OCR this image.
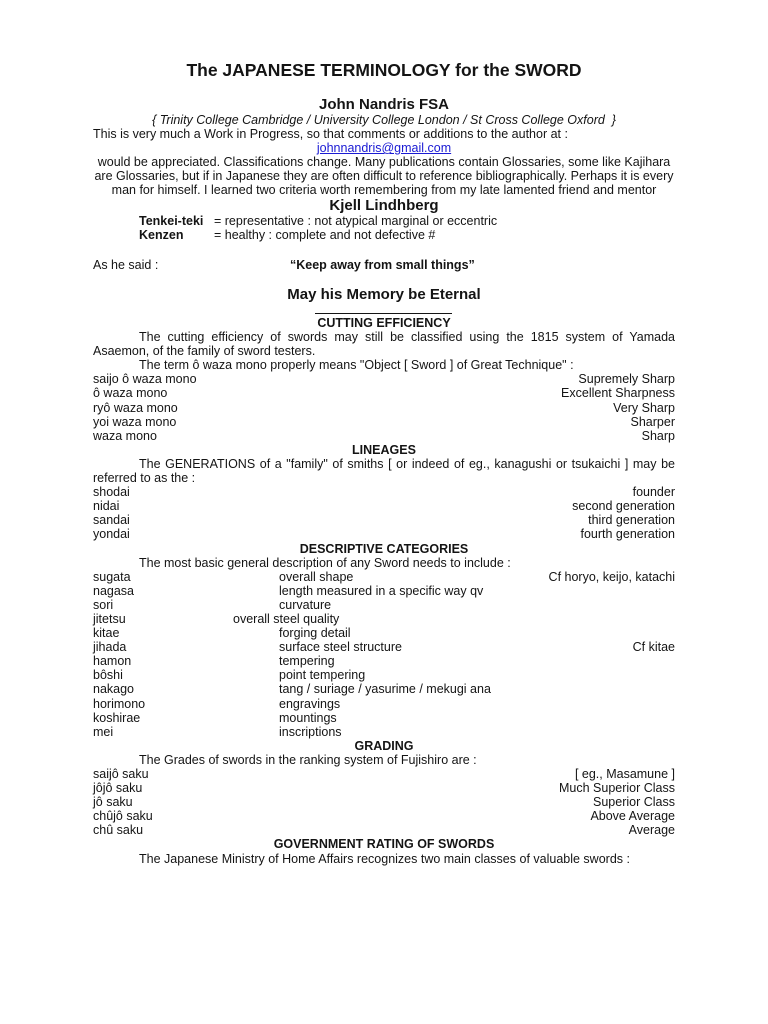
The JAPANESE TERMINOLOGY for the SWORD
John Nandris FSA
{ Trinity College Cambridge / University College London / St Cross College Oxford  }
This is very much a Work in Progress, so that comments or additions to the author at :
johnnandris@gmail.com
would be appreciated. Classifications change. Many publications contain Glossaries, some like Kajihara
are Glossaries, but if in Japanese they are often difficult to reference bibliographically. Perhaps it is every
man for himself. I learned two criteria worth remembering from my late lamented friend and mentor
Kjell Lindhberg
Tenkei-teki = representative : not atypical marginal or eccentric
Kenzen = healthy : complete and not defective #
As he said :	“Keep away from small things”
May his Memory be Eternal
CUTTING EFFICIENCY
The cutting efficiency of swords may still be classified using the 1815 system of Yamada
Asaemon, of the family of sword testers.
The term ô waza mono properly means "Object [ Sword ] of Great Technique" :
saijo ô waza mono	Supremely Sharp
ô waza mono	Excellent Sharpness
ryô waza mono	Very Sharp
yoi waza mono	Sharper
waza mono	Sharp
LINEAGES
The GENERATIONS of a "family" of smiths [ or indeed of eg., kanagushi or tsukaichi ] may be
referred to as the :
shodai	founder
nidai	second generation
sandai	third generation
yondai	fourth generation
DESCRIPTIVE CATEGORIES
The most basic general description of any Sword needs to include :
sugata	overall shape	Cf horyo, keijo, katachi
nagasa	length measured in a specific way qv
sori	curvature
jitetsu	overall steel quality
kitae	forging detail
jihada	surface steel structure	Cf kitae
hamon	tempering
bôshi	point tempering
nakago	tang / suriage / yasurime / mekugi ana
horimono	engravings
koshirae	mountings
mei	inscriptions
GRADING
The Grades of swords in the ranking system of Fujishiro are :
saijô saku	[ eg., Masamune ]
jôjô saku	Much Superior Class
jô saku	Superior Class
chûjô saku	Above Average
chû saku	Average
GOVERNMENT RATING OF SWORDS
The Japanese Ministry of Home Affairs recognizes two main classes of valuable swords :
